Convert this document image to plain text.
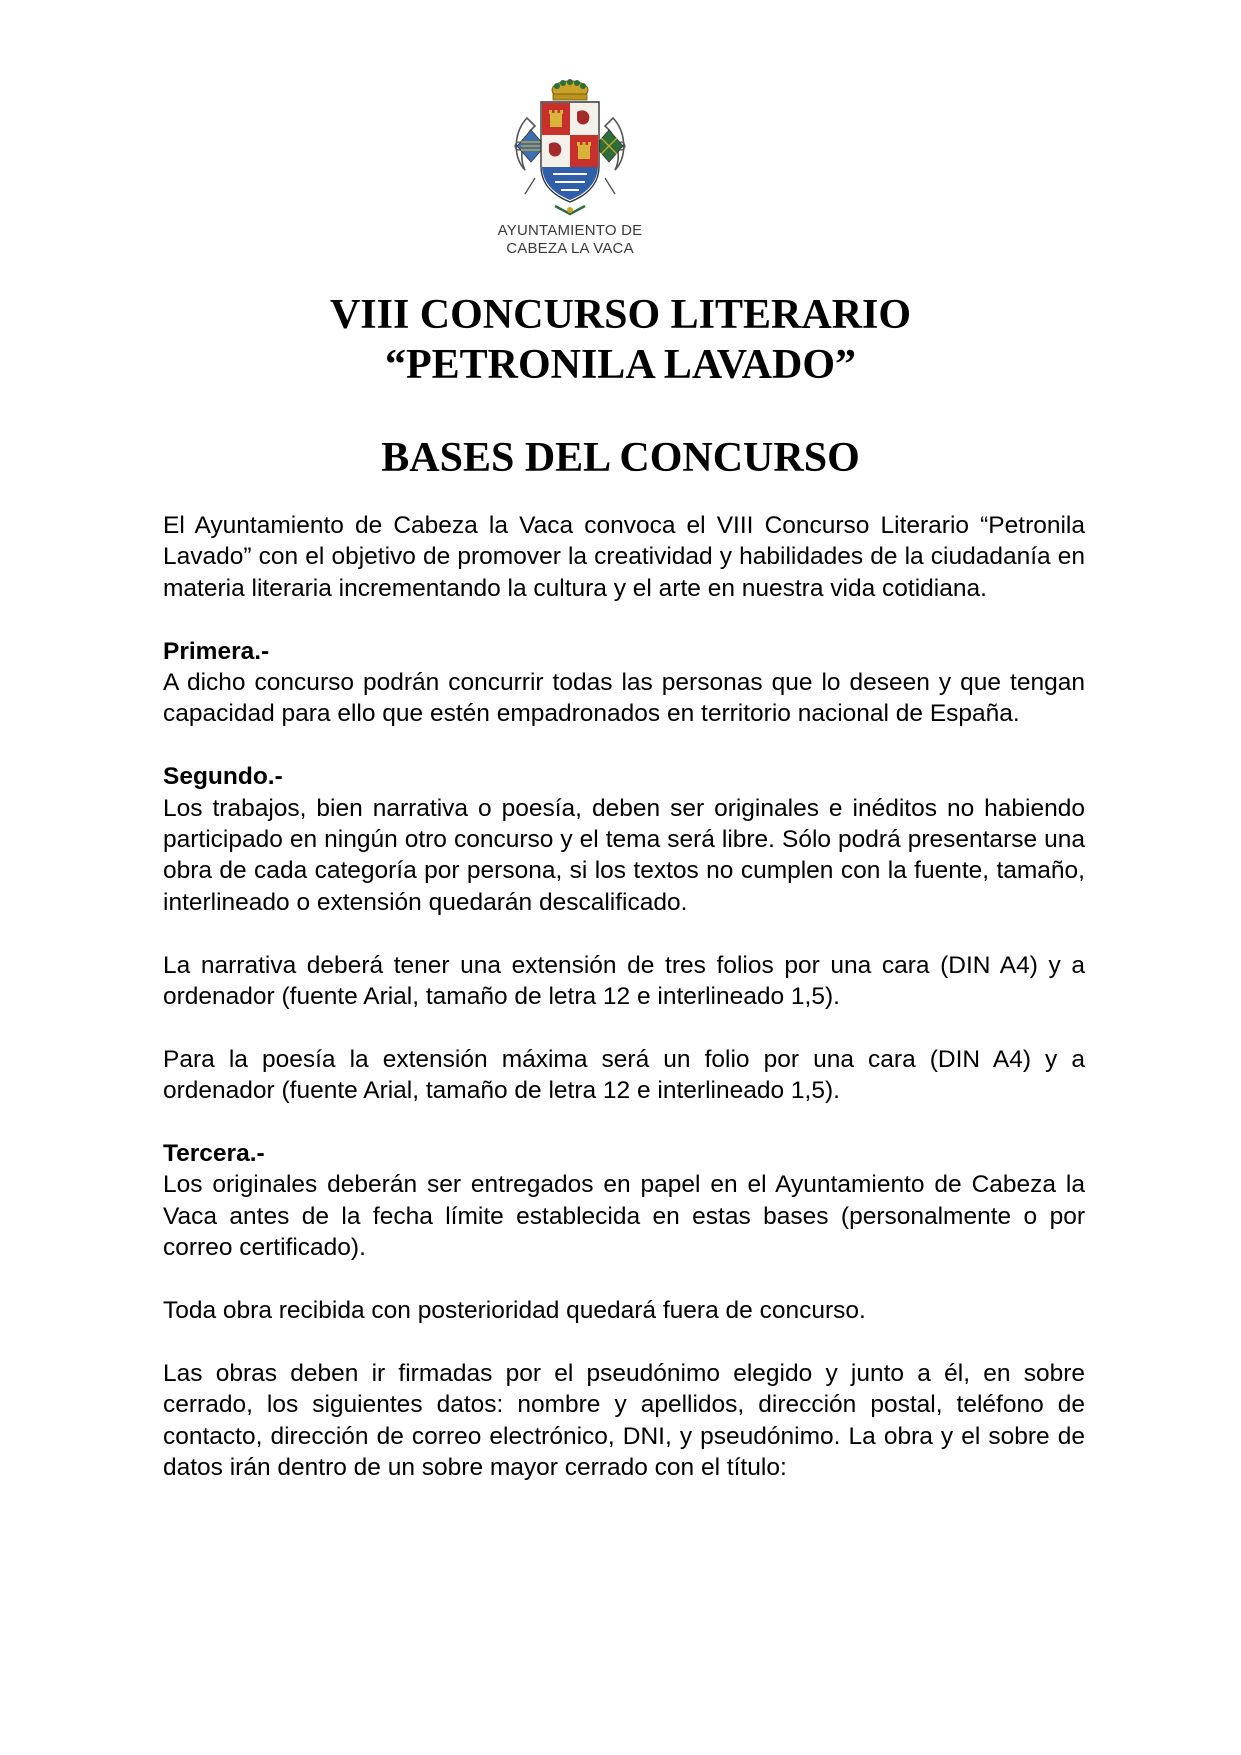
AYUNTAMIENTO DE
CABEZA LA VACA
VIII CONCURSO LITERARIO
“PETRONILA LAVADO”
BASES DEL CONCURSO

El Ayuntamiento de Cabeza la Vaca convoca el VIII Concurso Literario “Petronila Lavado” con el objetivo de promover la creatividad y habilidades de la ciudadanía en materia literaria incrementando la cultura y el arte en nuestra vida cotidiana.

Primera.-

A dicho concurso podrán concurrir todas las personas que lo deseen y que tengan capacidad para ello que estén empadronados en territorio nacional de España.

Segundo.-

Los trabajos, bien narrativa o poesía, deben ser originales e inéditos no habiendo participado en ningún otro concurso y el tema será libre. Sólo podrá presentarse una obra de cada categoría por persona, si los textos no cumplen con la fuente, tamaño, interlineado o extensión quedarán descalificado.

La narrativa deberá tener una extensión de tres folios por una cara (DIN A4) y a ordenador (fuente Arial, tamaño de letra 12 e interlineado 1,5).

Para la poesía la extensión máxima será un folio por una cara (DIN A4) y a ordenador (fuente Arial, tamaño de letra 12 e interlineado 1,5).

Tercera.-

Los originales deberán ser entregados en papel en el Ayuntamiento de Cabeza la Vaca antes de la fecha límite establecida en estas bases (personalmente o por correo certificado).

Toda obra recibida con posterioridad quedará fuera de concurso.

Las obras deben ir firmadas por el pseudónimo elegido y junto a él, en sobre cerrado, los siguientes datos: nombre y apellidos, dirección postal, teléfono de contacto, dirección de correo electrónico, DNI, y pseudónimo. La obra y el sobre de datos irán dentro de un sobre mayor cerrado con el título:
